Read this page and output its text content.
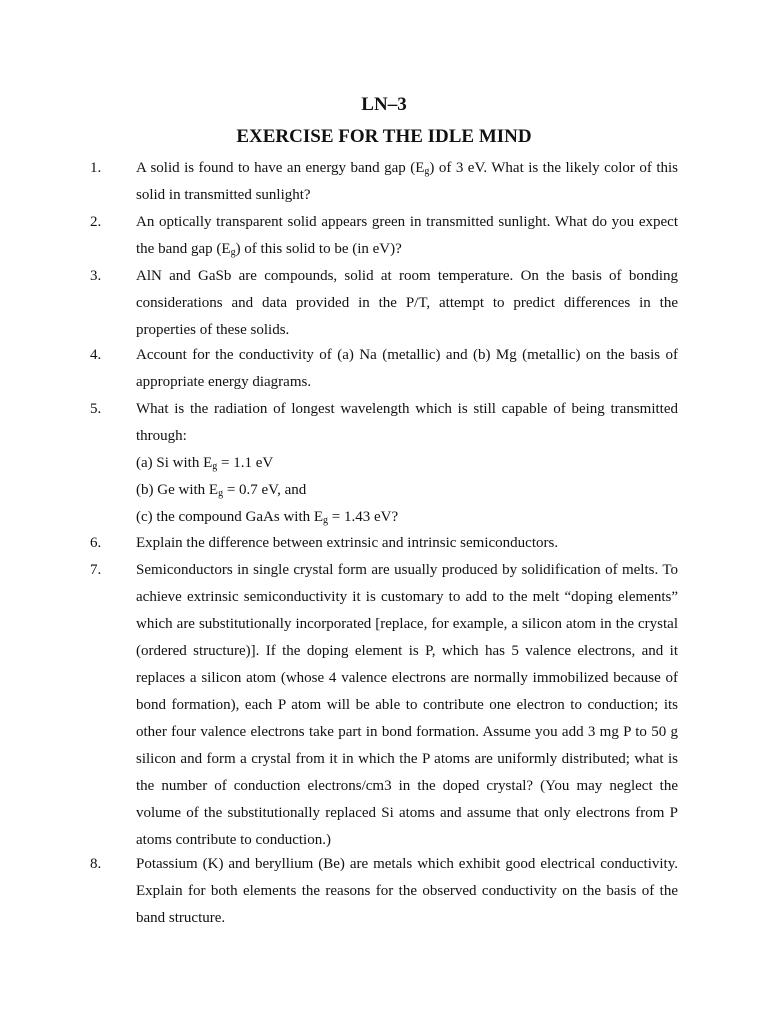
LN–3
EXERCISE FOR THE IDLE MIND
1.	A solid is found to have an energy band gap $(E_g)$ of 3 eV. What is the likely color of this solid in transmitted sunlight?
2.	An optically transparent solid appears green in transmitted sunlight. What do you expect the band gap $(E_g)$ of this solid to be (in eV)?
3.	AlN and GaSb are compounds, solid at room temperature. On the basis of bonding considerations and data provided in the P/T, attempt to predict differences in the properties of these solids.
4.	Account for the conductivity of (a) Na (metallic) and (b) Mg (metallic) on the basis of appropriate energy diagrams.
5.	What is the radiation of longest wavelength which is still capable of being transmitted through:
(a) Si with $E_g = 1.1$ eV
(b) Ge with $E_g = 0.7$ eV, and
(c) the compound GaAs with $E_g = 1.43$ eV?
6.	Explain the difference between extrinsic and intrinsic semiconductors.
7.	Semiconductors in single crystal form are usually produced by solidification of melts. To achieve extrinsic semiconductivity it is customary to add to the melt “doping elements” which are substitutionally incorporated [replace, for example, a silicon atom in the crystal (ordered structure)]. If the doping element is P, which has 5 valence electrons, and it replaces a silicon atom (whose 4 valence electrons are normally immobilized because of bond formation), each P atom will be able to contribute one electron to conduction; its other four valence electrons take part in bond formation. Assume you add 3 mg P to 50 g silicon and form a crystal from it in which the P atoms are uniformly distributed; what is the number of conduction electrons/cm3 in the doped crystal? (You may neglect the volume of the substitutionally replaced Si atoms and assume that only electrons from P atoms contribute to conduction.)
8.	Potassium (K) and beryllium (Be) are metals which exhibit good electrical conductivity. Explain for both elements the reasons for the observed conductivity on the basis of the band structure.
